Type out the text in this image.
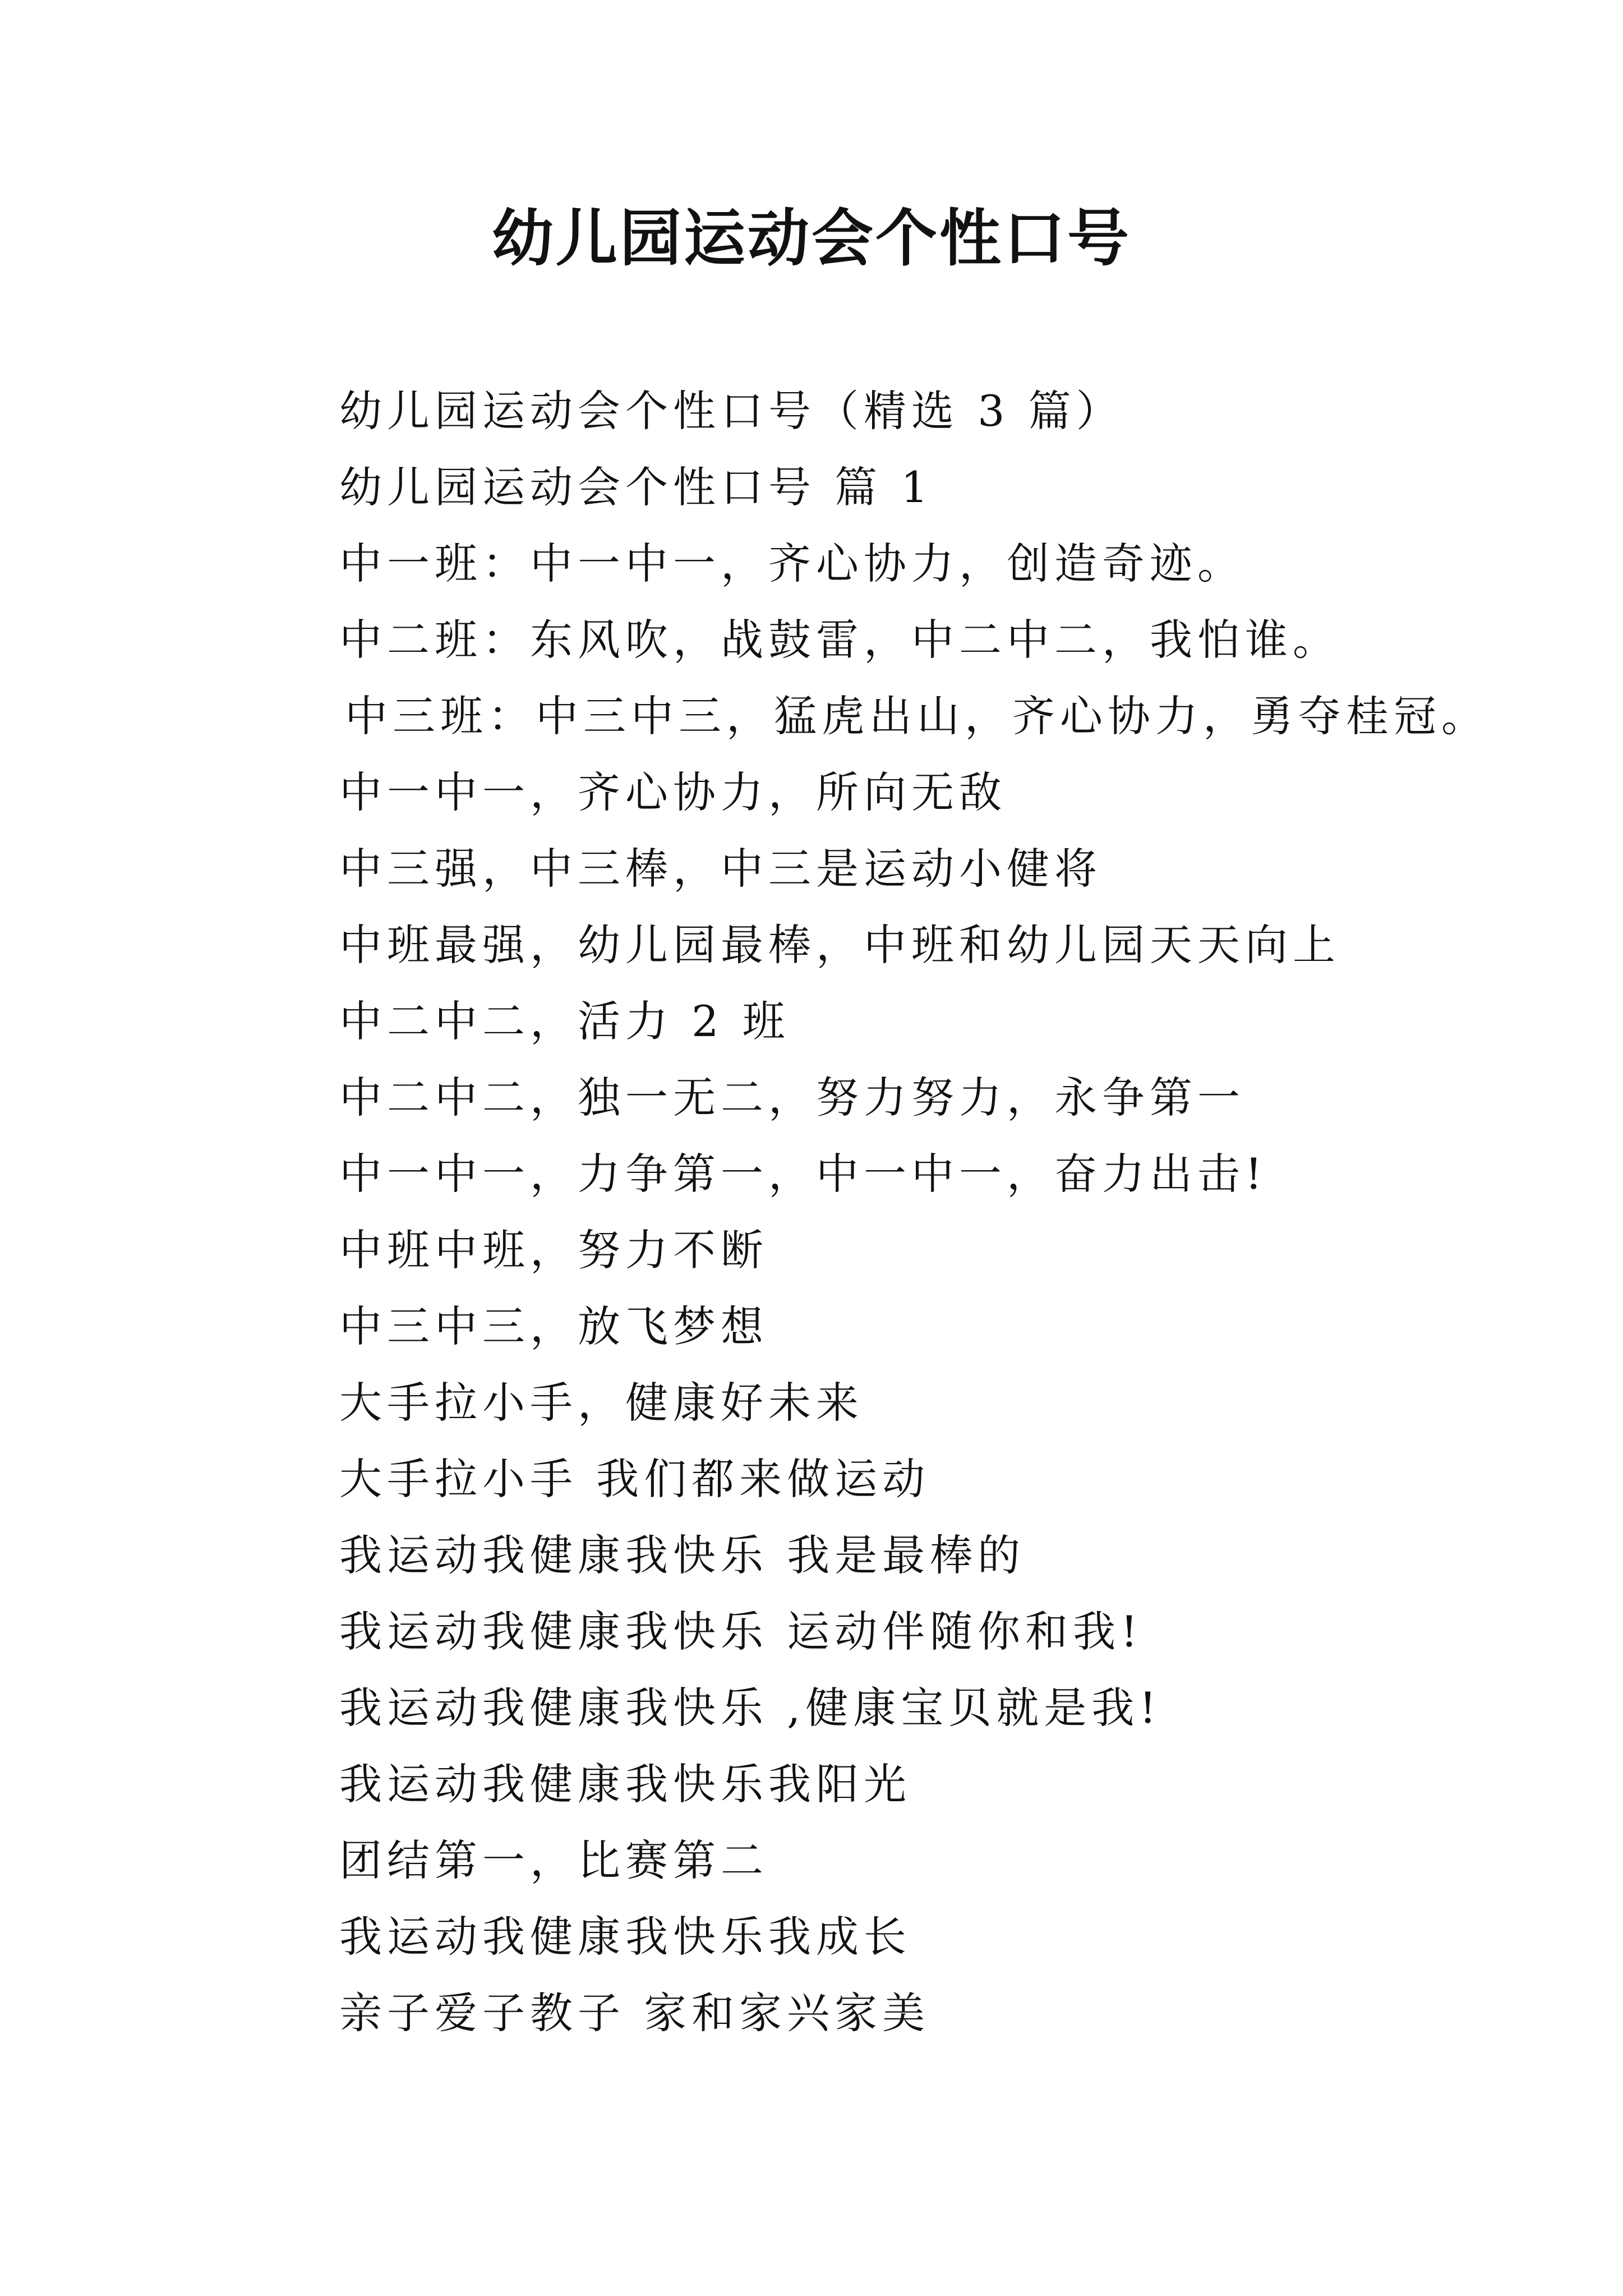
幼儿园运动会个性口号
幼儿园运动会个性口号（精选 3 篇）
幼儿园运动会个性口号 篇 1
中一班：中一中一，齐心协力，创造奇迹。
中二班：东风吹，战鼓雷，中二中二，我怕谁。
中三班：中三中三，猛虎出山，齐心协力，勇夺桂冠。
中一中一，齐心协力，所向无敌
中三强，中三棒，中三是运动小健将
中班最强，幼儿园最棒，中班和幼儿园天天向上
中二中二，活力 2 班
中二中二，独一无二，努力努力，永争第一
中一中一，力争第一，中一中一，奋力出击!
中班中班，努力不断
中三中三，放飞梦想
大手拉小手，健康好未来
大手拉小手 我们都来做运动
我运动我健康我快乐 我是最棒的
我运动我健康我快乐 运动伴随你和我!
我运动我健康我快乐 ,健康宝贝就是我!
我运动我健康我快乐我阳光
团结第一，比赛第二
我运动我健康我快乐我成长
亲子爱子教子 家和家兴家美
